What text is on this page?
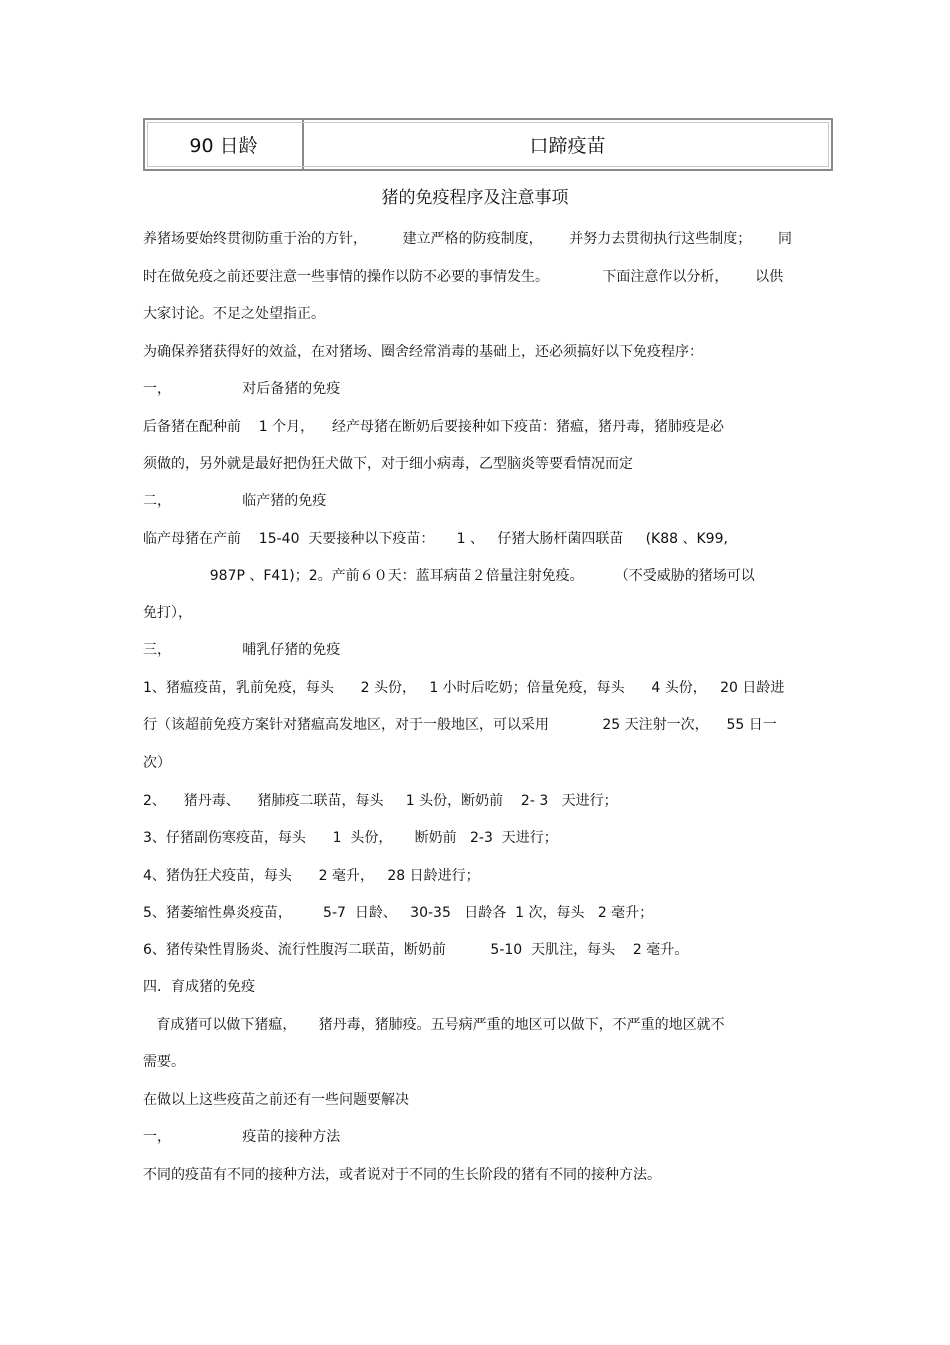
90 日龄	口蹄疫苗
猪的免疫程序及注意事项
养猪场要始终贯彻防重于治的方针，        建立严格的防疫制度，      并努力去贯彻执行这些制度；      同
时在做免疫之前还要注意一些事情的操作以防不必要的事情发生。            下面注意作以分析，      以供
大家讨论。不足之处望指正。
为确保养猪获得好的效益，在对猪场、圈舍经常消毒的基础上，还必须搞好以下免疫程序：
一，                对后备猪的免疫
后备猪在配种前    1 个月，    经产母猪在断奶后要接种如下疫苗：猪瘟，猪丹毒，猪肺疫是必
须做的，另外就是最好把伪狂犬做下，对于细小病毒，乙型脑炎等要看情况而定
二，                临产猪的免疫
临产母猪在产前    15-40  天要接种以下疫苗：     1 、   仔猪大肠杆菌四联苗     (K88 、K99,
987P 、F41)；2。产前６０天：蓝耳病苗２倍量注射免疫。       （不受威胁的猪场可以
免打），
三，                哺乳仔猪的免疫
1、猪瘟疫苗，乳前免疫，每头      2 头份，   1 小时后吃奶；倍量免疫，每头      4 头份，   20 日龄进
行（该超前免疫方案针对猪瘟高发地区，对于一般地区，可以采用            25 天注射一次，    55 日一
次）
2、    猪丹毒、    猪肺疫二联苗，每头     1 头份，断奶前    2- 3   天进行；
3、仔猪副伤寒疫苗，每头      1  头份，     断奶前   2-3  天进行；
4、猪伪狂犬疫苗，每头      2 毫升，   28 日龄进行；
5、猪萎缩性鼻炎疫苗，       5-7  日龄、   30-35   日龄各  1 次，每头   2 毫升；
6、猪传染性胃肠炎、流行性腹泻二联苗，断奶前          5-10  天肌注，每头    2 毫升。
四．育成猪的免疫
育成猪可以做下猪瘟，     猪丹毒，猪肺疫。五号病严重的地区可以做下，不严重的地区就不
需要。
在做以上这些疫苗之前还有一些问题要解决
一，                疫苗的接种方法
不同的疫苗有不同的接种方法，或者说对于不同的生长阶段的猪有不同的接种方法。
